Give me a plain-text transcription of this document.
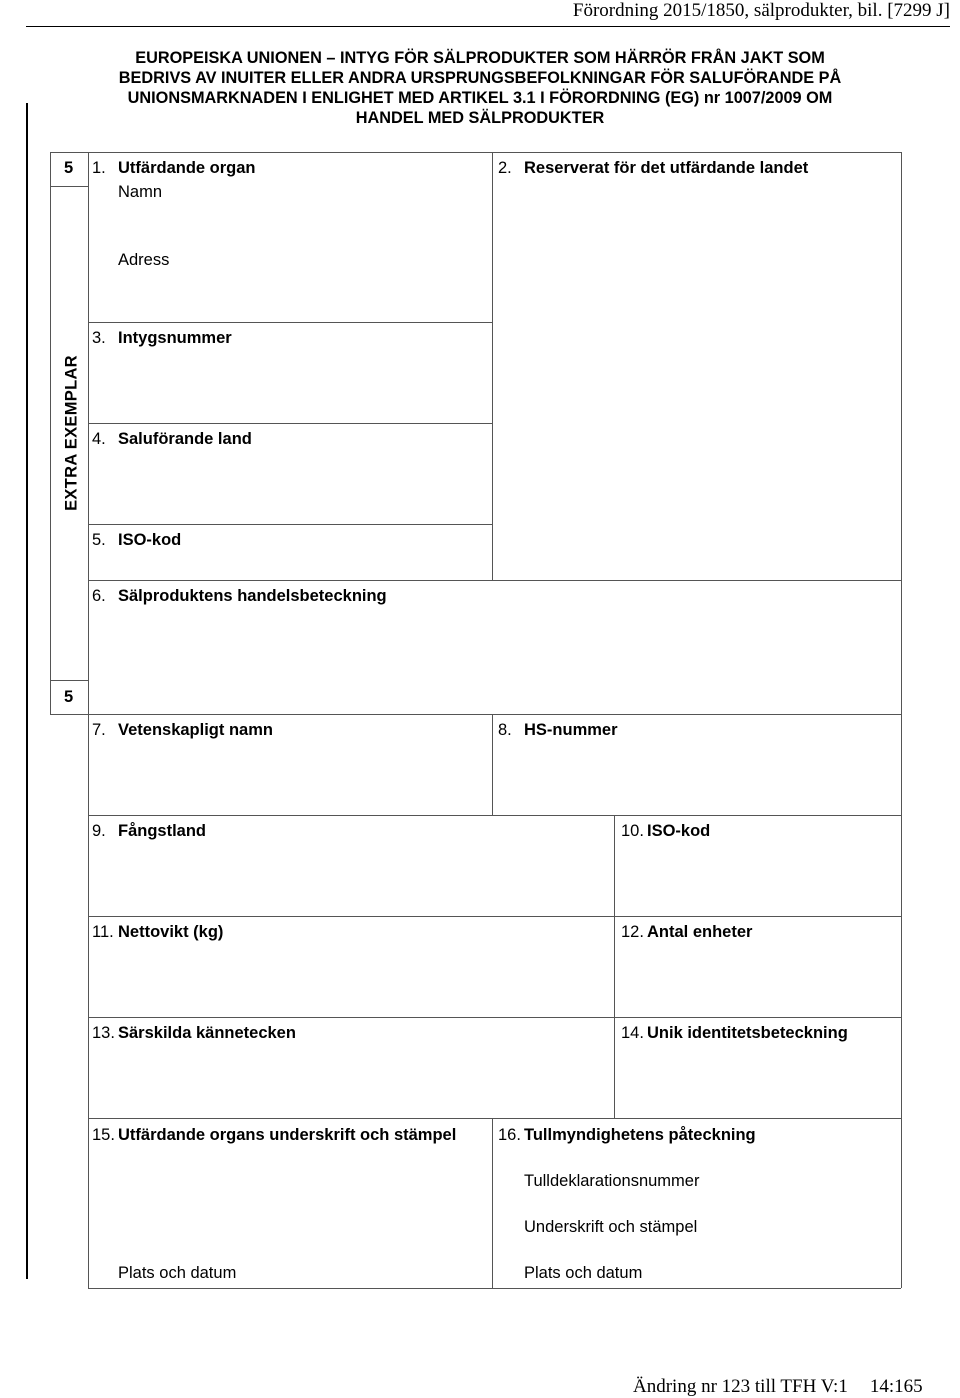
Förordning 2015/1850, sälprodukter, bil. [7299 J]
EUROPEISKA UNIONEN – INTYG FÖR SÄLPRODUKTER SOM HÄRRÖR FRÅN JAKT SOM
BEDRIVS AV INUITER ELLER ANDRA URSPRUNGSBEFOLKNINGAR FÖR SALUFÖRANDE PÅ
UNIONSMARKNADEN I ENLIGHET MED ARTIKEL 3.1 I FÖRORDNING (EG) nr 1007/2009 OM
HANDEL MED SÄLPRODUKTER
5
EXTRA EXEMPLAR
5
1. Utfärdande organ
Namn
Adress
2. Reserverat för det utfärdande landet
3. Intygsnummer
4. Saluförande land
5. ISO-kod
6. Sälproduktens handelsbeteckning
7. Vetenskapligt namn	8. HS-nummer
9. Fångstland	10. ISO-kod
11. Nettovikt (kg)	12. Antal enheter
13. Särskilda kännetecken	14. Unik identitetsbeteckning
15. Utfärdande organs underskrift och stämpel
Plats och datum
16. Tullmyndighetens påteckning
Tulldeklarationsnummer
Underskrift och stämpel
Plats och datum
Ändring nr 123 till TFH V:1 14:165
